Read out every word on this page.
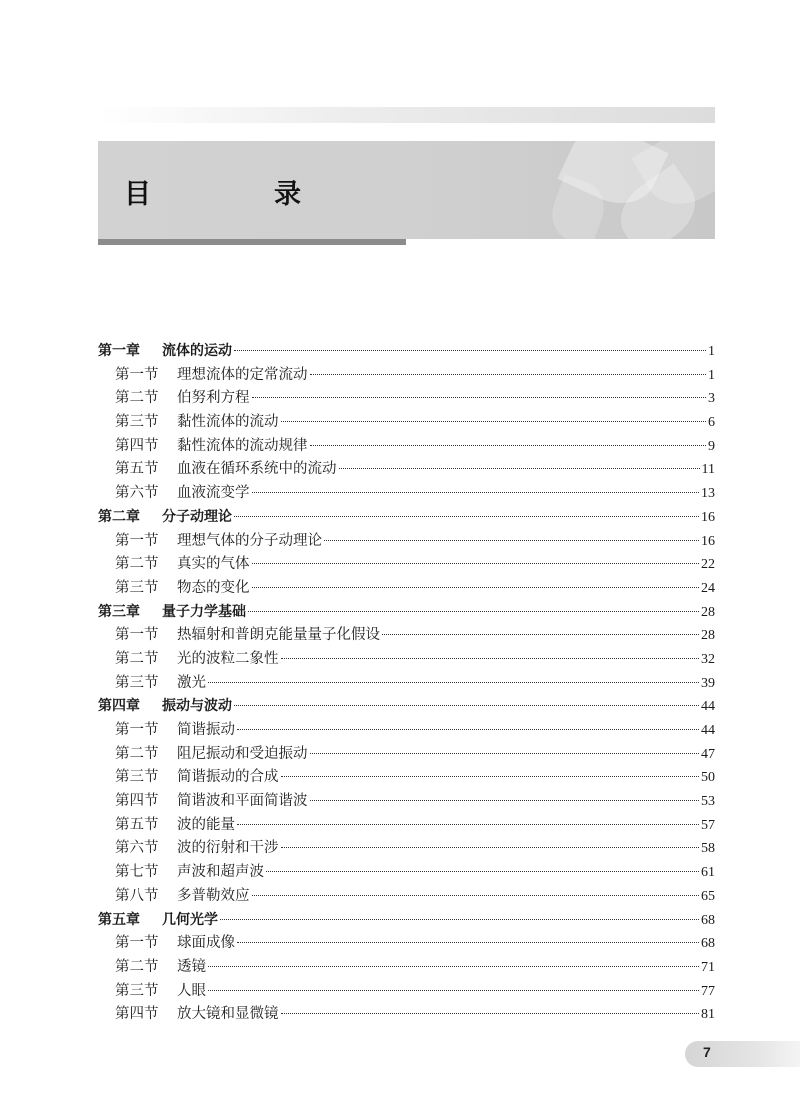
目　录
第一章	流体的运动	1
第一节	理想流体的定常流动	1
第二节	伯努利方程	3
第三节	黏性流体的流动	6
第四节	黏性流体的流动规律	9
第五节	血液在循环系统中的流动	11
第六节	血液流变学	13
第二章	分子动理论	16
第一节	理想气体的分子动理论	16
第二节	真实的气体	22
第三节	物态的变化	24
第三章	量子力学基础	28
第一节	热辐射和普朗克能量量子化假设	28
第二节	光的波粒二象性	32
第三节	激光	39
第四章	振动与波动	44
第一节	简谐振动	44
第二节	阻尼振动和受迫振动	47
第三节	简谐振动的合成	50
第四节	简谐波和平面简谐波	53
第五节	波的能量	57
第六节	波的衍射和干涉	58
第七节	声波和超声波	61
第八节	多普勒效应	65
第五章	几何光学	68
第一节	球面成像	68
第二节	透镜	71
第三节	人眼	77
第四节	放大镜和显微镜	81
7
